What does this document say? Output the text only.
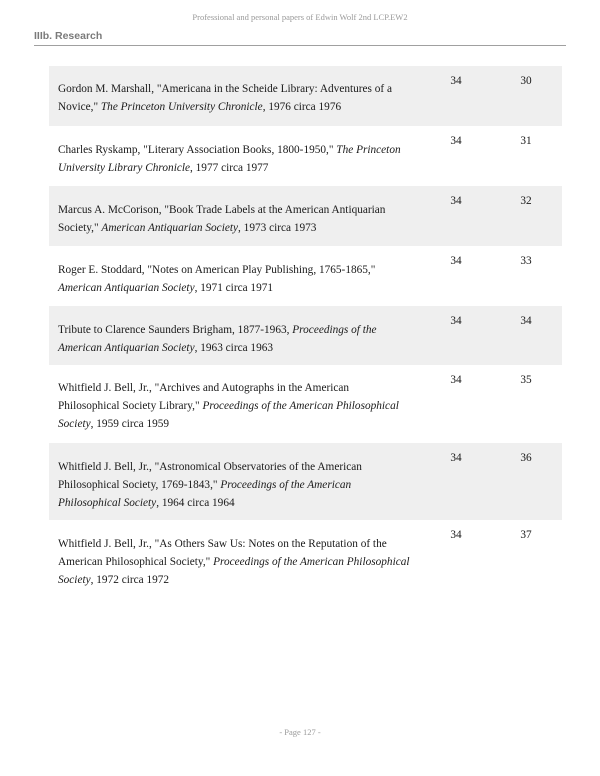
Professional and personal papers of Edwin Wolf 2nd LCP.EW2
IIIb. Research
Gordon M. Marshall, "Americana in the Scheide Library: Adventures of a Novice," The Princeton University Chronicle, 1976 circa 1976
34	30
Charles Ryskamp, "Literary Association Books, 1800-1950," The Princeton University Library Chronicle, 1977 circa 1977
34	31
Marcus A. McCorison, "Book Trade Labels at the American Antiquarian Society," American Antiquarian Society, 1973 circa 1973
34	32
Roger E. Stoddard, "Notes on American Play Publishing, 1765-1865," American Antiquarian Society, 1971 circa 1971
34	33
Tribute to Clarence Saunders Brigham, 1877-1963, Proceedings of the American Antiquarian Society, 1963 circa 1963
34	34
Whitfield J. Bell, Jr., "Archives and Autographs in the American Philosophical Society Library," Proceedings of the American Philosophical Society, 1959 circa 1959
34	35
Whitfield J. Bell, Jr., "Astronomical Observatories of the American Philosophical Society, 1769-1843," Proceedings of the American Philosophical Society, 1964 circa 1964
34	36
Whitfield J. Bell, Jr., "As Others Saw Us: Notes on the Reputation of the American Philosophical Society," Proceedings of the American Philosophical Society, 1972 circa 1972
34	37
- Page 127 -
